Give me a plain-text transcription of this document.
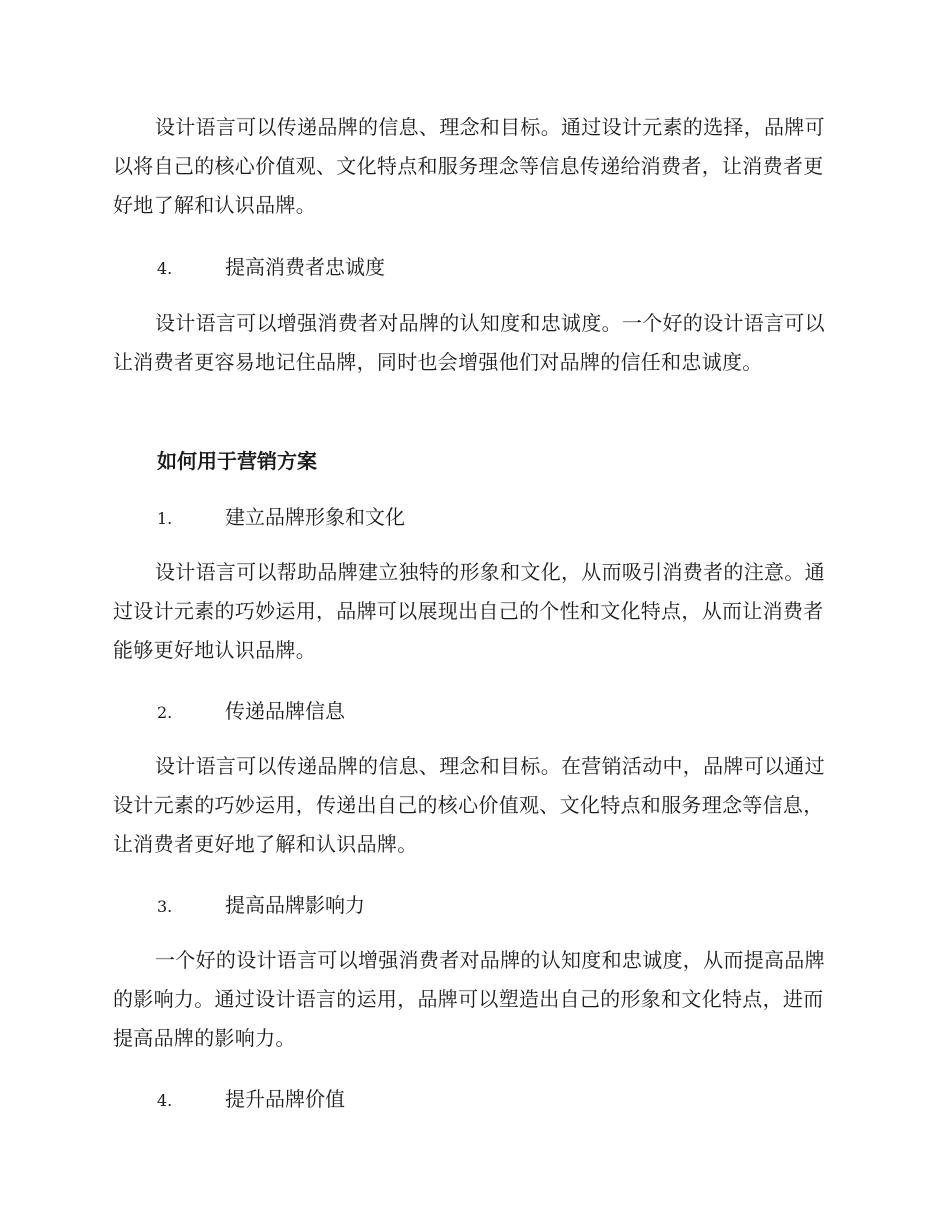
设计语言可以传递品牌的信息、理念和目标。通过设计元素的选择，品牌可以将自己的核心价值观、文化特点和服务理念等信息传递给消费者，让消费者更好地了解和认识品牌。

4.	提高消费者忠诚度

设计语言可以增强消费者对品牌的认知度和忠诚度。一个好的设计语言可以让消费者更容易地记住品牌，同时也会增强他们对品牌的信任和忠诚度。

如何用于营销方案

1.	建立品牌形象和文化

设计语言可以帮助品牌建立独特的形象和文化，从而吸引消费者的注意。通过设计元素的巧妙运用，品牌可以展现出自己的个性和文化特点，从而让消费者能够更好地认识品牌。

2.	传递品牌信息

设计语言可以传递品牌的信息、理念和目标。在营销活动中，品牌可以通过设计元素的巧妙运用，传递出自己的核心价值观、文化特点和服务理念等信息，让消费者更好地了解和认识品牌。

3.	提高品牌影响力

一个好的设计语言可以增强消费者对品牌的认知度和忠诚度，从而提高品牌的影响力。通过设计语言的运用，品牌可以塑造出自己的形象和文化特点，进而提高品牌的影响力。

4.	提升品牌价值
